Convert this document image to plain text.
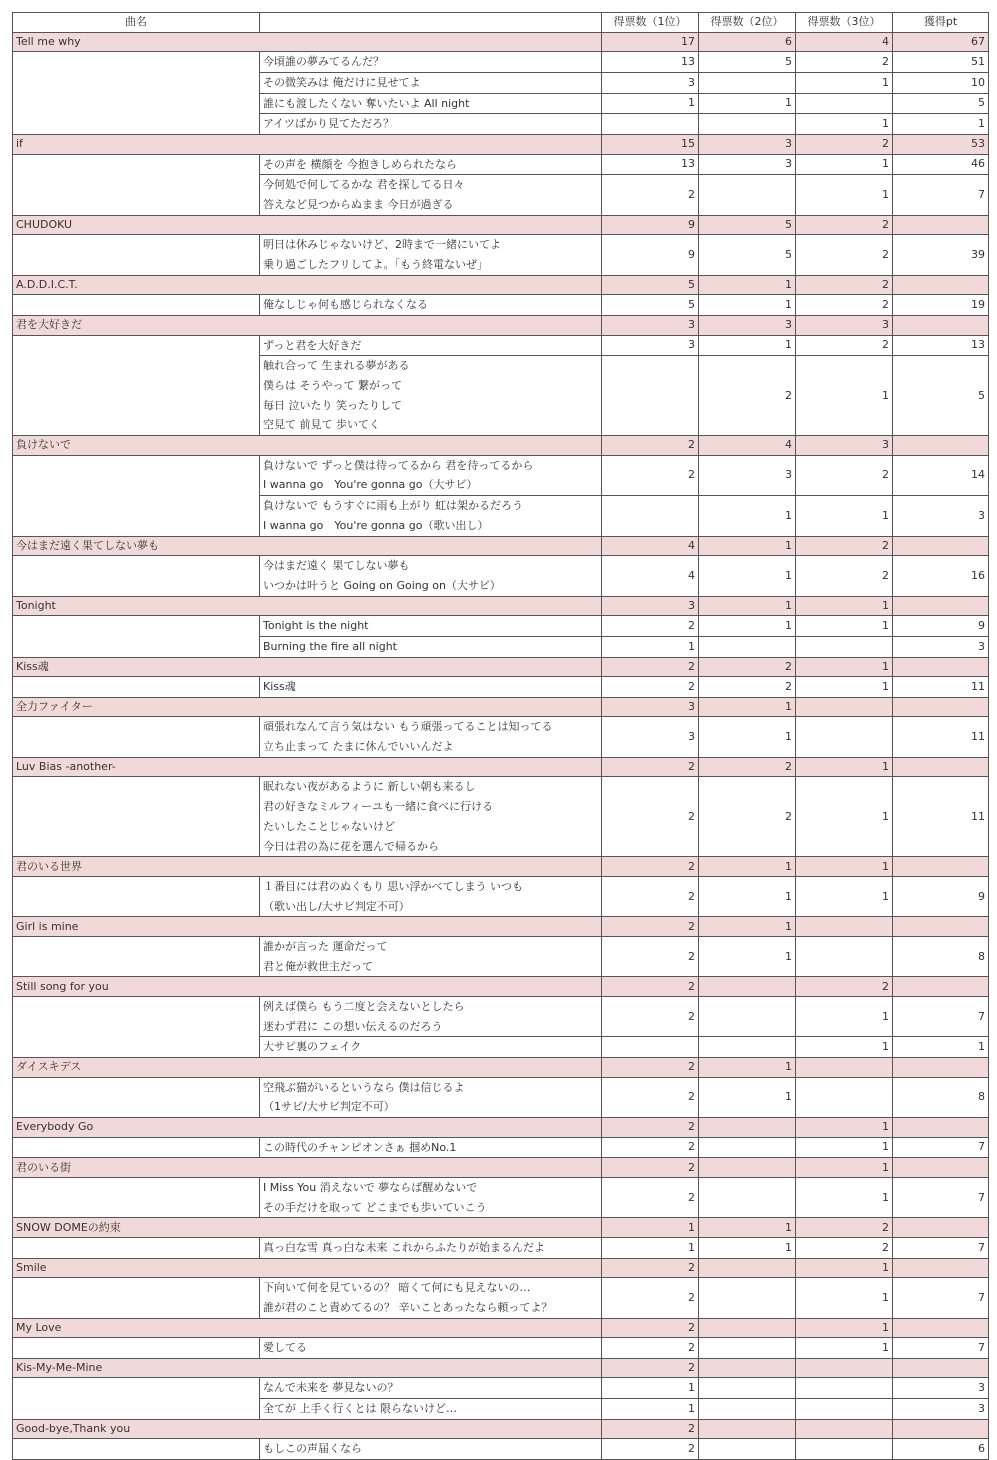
曲名		得票数（1位）	得票数（2位）	得票数（3位）	獲得pt
Tell me why		17	6	4	67

	今頃誰の夢みてるんだ？	13	5	2	51

	その微笑みは 俺だけに見せてよ	3		1	10

	誰にも渡したくない 奪いたいよ All night	1	1		5

	アイツばかり見てただろ？			1	1
if		15	3	2	53

	その声を 横顔を 今抱きしめられたなら	13	3	1	46

	今何処で何してるかな 君を探してる日々
答えなど見つからぬまま 今日が過ぎる	2		1	7
CHUDOKU		9	5	2	

	明日は休みじゃないけど、2時まで一緒にいてよ
乗り過ごしたフリしてよ。「もう終電ないぜ」	9	5	2	39
A.D.D.I.C.T.		5	1	2	

	俺なしじゃ何も感じられなくなる	5	1	2	19
君を大好きだ		3	3	3	

	ずっと君を大好きだ	3	1	2	13

	触れ合って 生まれる夢がある
僕らは そうやって 繋がって
毎日 泣いたり 笑ったりして
空見て 前見て 歩いてく		2	1	5
負けないで		2	4	3	

	負けないで ずっと僕は待ってるから 君を待ってるから
I wanna go　You're gonna go（大サビ）	2	3	2	14

	負けないで もうすぐに雨も上がり 虹は架かるだろう
I wanna go　You're gonna go（歌い出し）		1	1	3
今はまだ遠く果てしない夢も		4	1	2	

	今はまだ遠く 果てしない夢も
いつかは叶うと Going on Going on（大サビ）	4	1	2	16
Tonight		3	1	1	

	Tonight is the night	2	1	1	9

	Burning the fire all night	1			3
Kiss魂		2	2	1	

	Kiss魂	2	2	1	11
全力ファイター		3	1		

	頑張れなんて言う気はない もう頑張ってることは知ってる
立ち止まって たまに休んでいいんだよ	3	1		11
Luv Bias -another-		2	2	1	

	眠れない夜があるように 新しい朝も来るし
君の好きなミルフィーユも一緒に食べに行ける
たいしたことじゃないけど
今日は君の為に花を選んで帰るから	2	2	1	11
君のいる世界		2	1	1	

	１番目には君のぬくもり 思い浮かべてしまう いつも
（歌い出し/大サビ判定不可）	2	1	1	9
Girl is mine		2	1		

	誰かが言った 運命だって
君と俺が救世主だって	2	1		8
Still song for you		2		2	

	例えば僕ら もう二度と会えないとしたら
迷わず君に この想い伝えるのだろう	2		1	7

	大サビ裏のフェイク			1	1
ダイスキデス		2	1		

	空飛ぶ猫がいるというなら 僕は信じるよ
（1サビ/大サビ判定不可）	2	1		8
Everybody Go		2		1	

	この時代のチャンピオンさぁ 掴めNo.1	2		1	7
君のいる街		2		1	

	I Miss You 消えないで 夢ならば醒めないで
その手だけを取って どこまでも歩いていこう	2		1	7
SNOW DOMEの約束		1	1	2	

	真っ白な雪 真っ白な未来 これからふたりが始まるんだよ	1	1	2	7
Smile		2		1	

	下向いて何を見ているの？ 暗くて何にも見えないの…
誰が君のこと責めてるの？ 辛いことあったなら頼ってよ？	2		1	7
My Love		2		1	

	愛してる	2		1	7
Kis-My-Me-Mine		2			

	なんで未来を 夢見ないの？	1			3

	全てが 上手く行くとは 限らないけど…	1			3
Good-bye,Thank you		2			

	もしこの声届くなら	2			6
